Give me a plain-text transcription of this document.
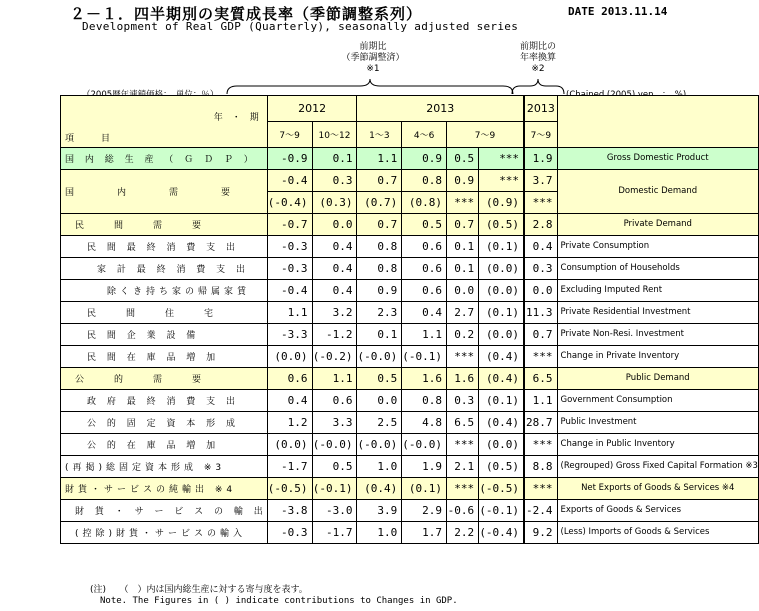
２－１．四半期別の実質成長率（季節調整系列）	DATE 2013.11.14
Development of Real GDP (Quarterly), seasonally adjusted series
前期比
（季節調整済）
※1
前期比の
年率換算
※2
年　・　期
項　　　目	2012		2013				2013	
	7～9	10～12	1～3	4～6	7～9		7～9	
国 内 総 生 産 （ Ｇ Ｄ Ｐ ）	-0.9	0.1	1.1	0.9	0.5	***		1.9	Gross Domestic Product
国　　　内　　　需　　　要	-0.4	0.3	0.7	0.8	0.9	***		3.7	Domestic Demand
	(-0.4)	(0.3)	(0.7)	(0.8)	***	(0.9)		***	
民　　間　　需　　要	-0.7	0.0	0.7	0.5	0.7	(0.5)		2.8	Private Demand
民 間 最 終 消 費 支 出	-0.3	0.4	0.8	0.6	0.1	(0.1)		0.4	Private Consumption
家 計 最 終 消 費 支 出	-0.3	0.4	0.8	0.6	0.1	(0.0)		0.3	Consumption of Households
除くき持ち家の帰属家賃	-0.4	0.4	0.9	0.6	0.0	(0.0)		0.0	Excluding Imputed Rent
民　　間　　住　　宅	1.1	3.2	2.3	0.4	2.7	(0.1)		11.3	Private Residential Investment
民 間 企 業 設 備	-3.3	-1.2	0.1	1.1	0.2	(0.0)		0.7	Private Non-Resi. Investment
民 間 在 庫 品 増 加	(0.0)	(-0.2)	(-0.0)	(-0.1)	***	(0.4)		***	Change in Private Inventory
公　　的　　需　　要	0.6	1.1	0.5	1.6	1.6	(0.4)		6.5	Public Demand
政 府 最 終 消 費 支 出	0.4	0.6	0.0	0.8	0.3	(0.1)		1.1	Government Consumption
公 的 固 定 資 本 形 成	1.2	3.3	2.5	4.8	6.5	(0.4)		28.7	Public Investment
公 的 在 庫 品 増 加	(0.0)	(-0.0)	(-0.0)	(-0.0)	***	(0.0)		***	Change in Public Inventory
(再掲)総固定資本形成 ※3	-1.7	0.5	1.0	1.9	2.1	(0.5)		8.8	(Regrouped) Gross Fixed Capital Formation ※3
財貨・サービスの純輸出 ※4	(-0.5)	(-0.1)	(0.4)	(0.1)	***	(-0.5)		***	Net Exports of Goods & Services ※4
財 貨 ・ サ ー ビ ス の 輸 出	-3.8	-3.0	3.9	2.9	-0.6	(-0.1)		-2.4	Exports of Goods & Services
(控除)財貨・サービスの輸入	-0.3	-1.7	1.0	1.7	2.2	(-0.4)		9.2	(Less) Imports of Goods & Services
(注)　　（　）内は国内総生産に対する寄与度を表す。
Note. The Figures in ( ) indicate contributions to Changes in GDP.
